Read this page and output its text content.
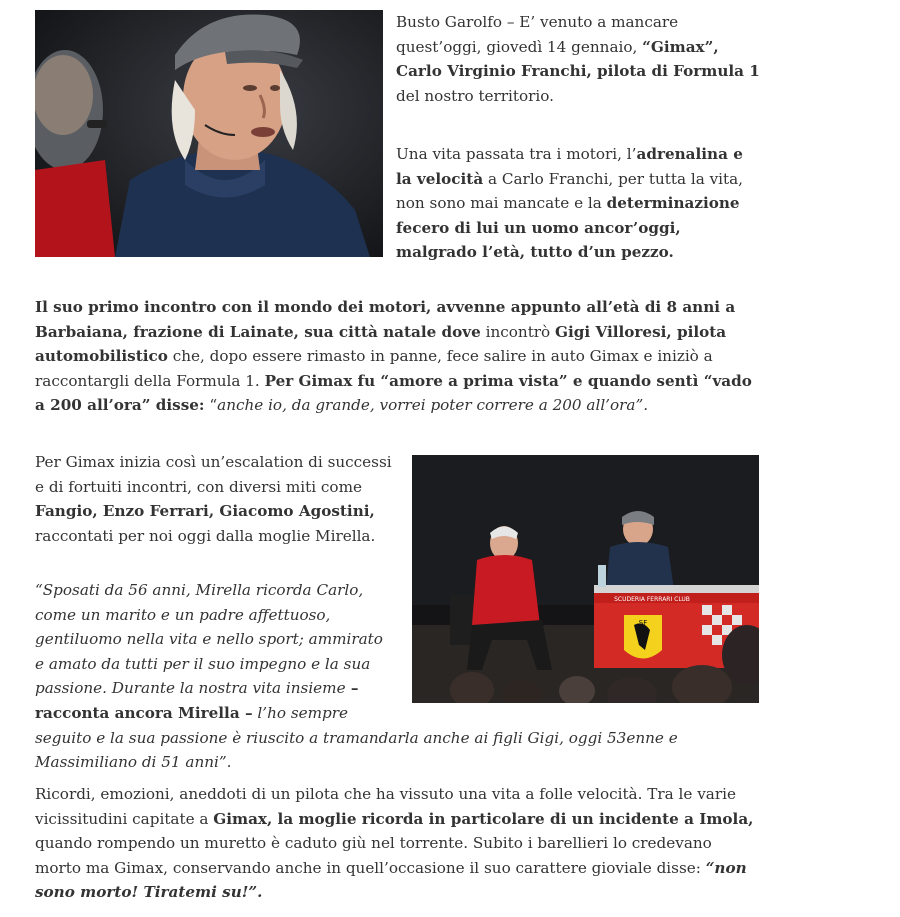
SF
SCUDERIA FERRARI CLUB

Busto Garolfo – E’ venuto a mancare quest’oggi, giovedì 14 gennaio, “Gimax”, Carlo Virginio Franchi, pilota di Formula 1 del nostro territorio.

Una vita passata tra i motori, l’adrenalina e la velocità a Carlo Franchi, per tutta la vita, non sono mai mancate e la determinazione fecero di lui un uomo ancor’oggi, malgrado l’età, tutto d’un pezzo.

Il suo primo incontro con il mondo dei motori, avvenne appunto all’età di 8 anni a Barbaiana, frazione di Lainate, sua città natale dove incontrò Gigi Villoresi, pilota automobilistico che, dopo essere rimasto in panne, fece salire in auto Gimax e iniziò a raccontargli della Formula 1. Per Gimax fu “amore a prima vista” e quando sentì “vado a 200 all’ora” disse: “anche io, da grande, vorrei poter correre a 200 all’ora”.

Per Gimax inizia così un’escalation di successi e di fortuiti incontri, con diversi miti come Fangio, Enzo Ferrari, Giacomo Agostini, raccontati per noi oggi dalla moglie Mirella.

“Sposati da 56 anni, Mirella ricorda Carlo, come un marito e un padre affettuoso, gentiluomo nella vita e nello sport; ammirato e amato da tutti per il suo impegno e la sua passione. Durante la nostra vita insieme – racconta ancora Mirella – l’ho sempre seguito e la sua passione è riuscito a tramandarla anche ai figli Gigi, oggi 53enne e Massimiliano di 51 anni”.

Ricordi, emozioni, aneddoti di un pilota che ha vissuto una vita a folle velocità. Tra le varie vicissitudini capitate a Gimax, la moglie ricorda in particolare di un incidente a Imola, quando rompendo un muretto è caduto giù nel torrente. Subito i barellieri lo credevano morto ma Gimax, conservando anche in quell’occasione il suo carattere gioviale disse: “non sono morto! Tiratemi su!”.
